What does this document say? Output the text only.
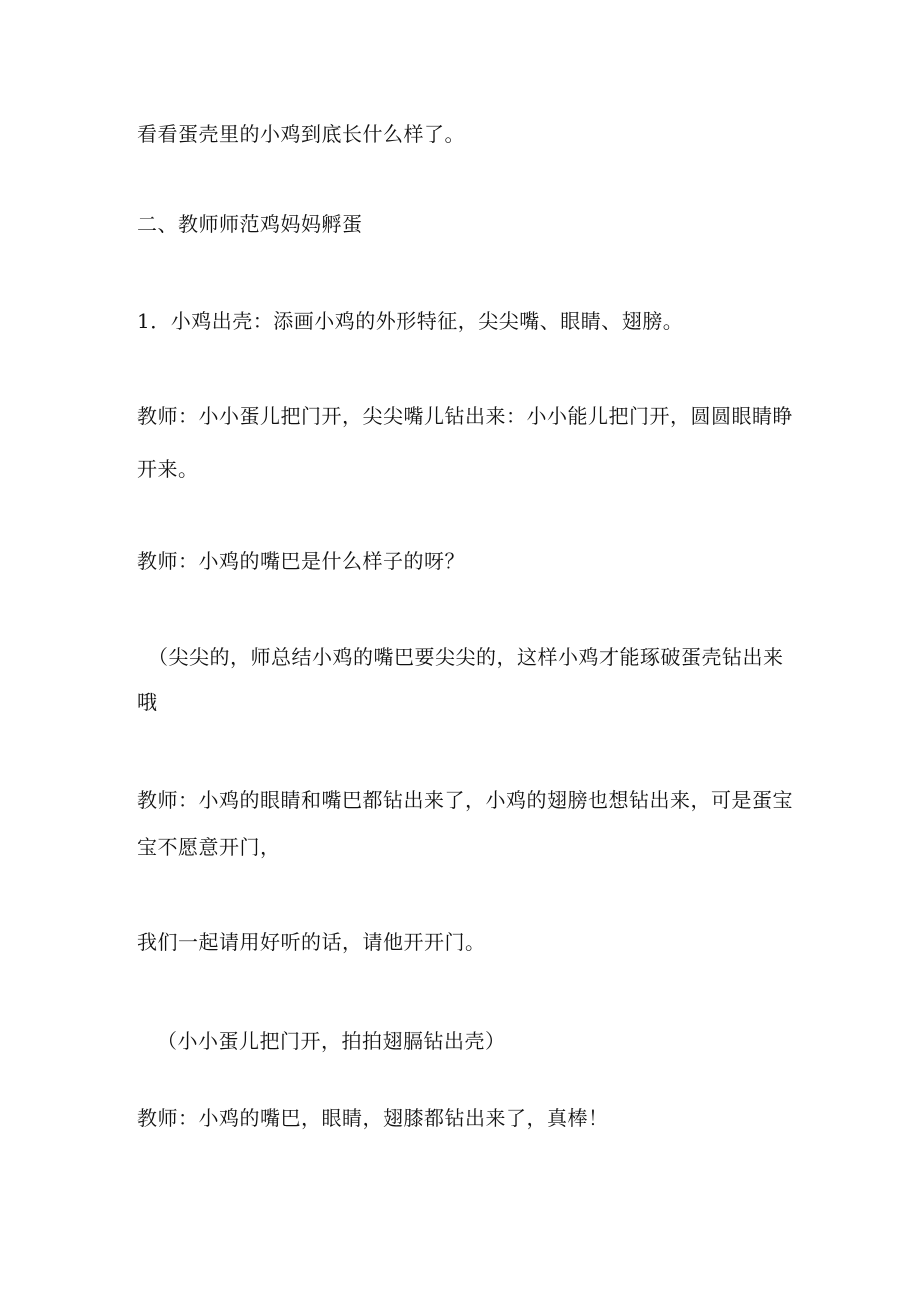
看看蛋壳里的小鸡到底长什么样了。
二、教师师范鸡妈妈孵蛋
1．小鸡出壳：添画小鸡的外形特征，尖尖嘴、眼睛、翅膀。
教师：小小蛋儿把门开，尖尖嘴儿钻出来：小小能儿把门开，圆圆眼睛睁
开来。
教师：小鸡的嘴巴是什么样子的呀？
（尖尖的，师总结小鸡的嘴巴要尖尖的，这样小鸡才能琢破蛋壳钻出来
哦
教师：小鸡的眼睛和嘴巴都钻出来了，小鸡的翅膀也想钻出来，可是蛋宝
宝不愿意开门，
我们一起请用好听的话，请他开开门。
（小小蛋儿把门开，拍拍翅膈钻出壳）
教师：小鸡的嘴巴，眼睛，翅膝都钻出来了，真棒！
